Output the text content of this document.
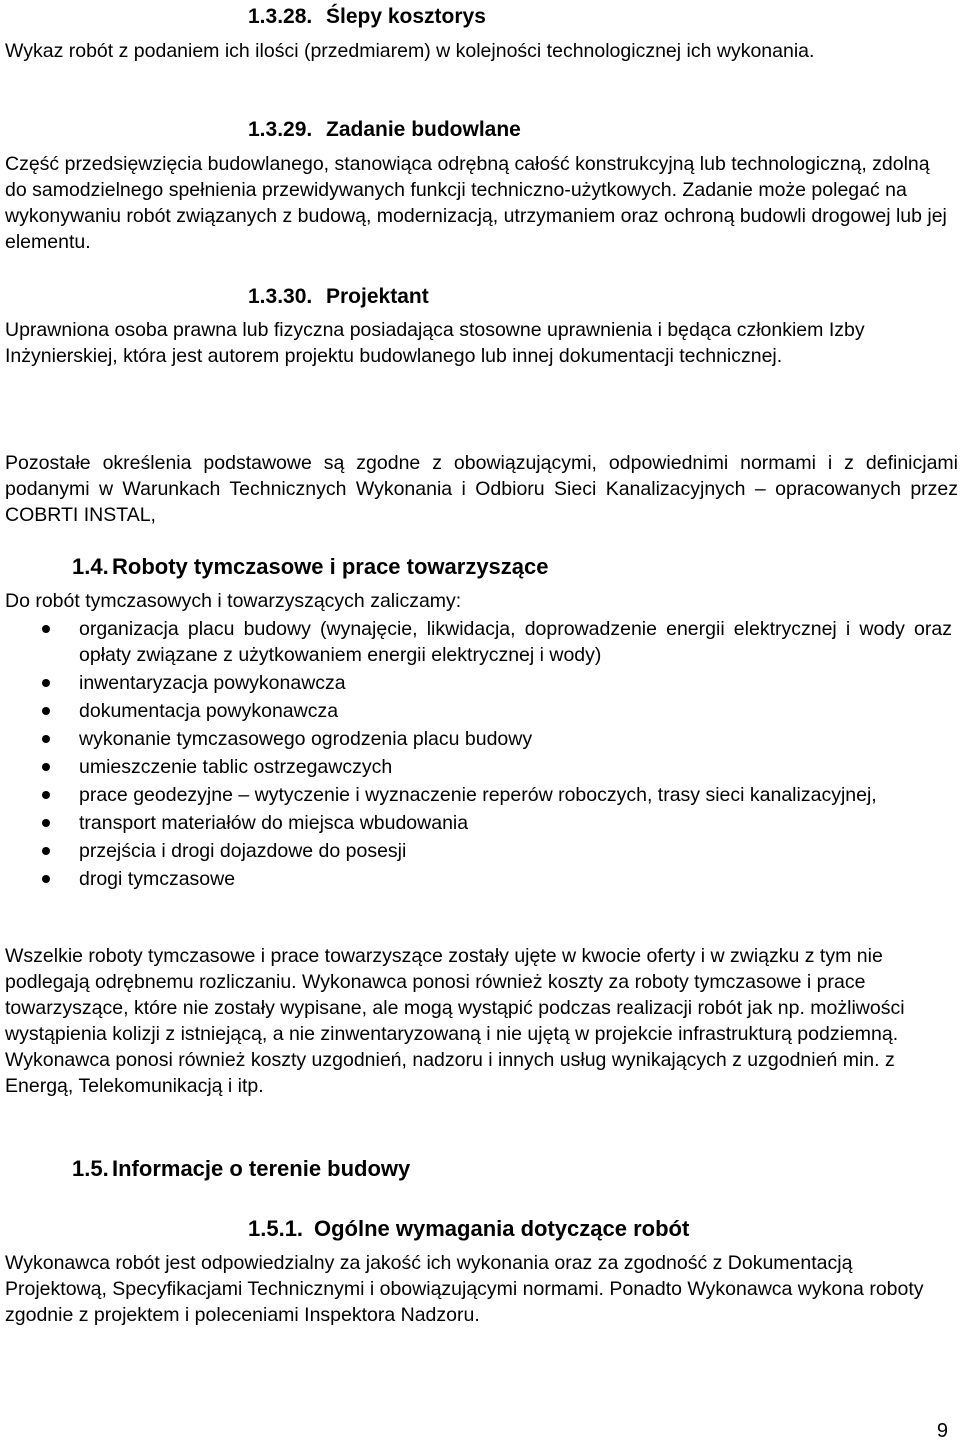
1.3.28. Ślepy kosztorys

Wykaz robót z podaniem ich ilości (przedmiarem) w kolejności technologicznej ich wykonania.

1.3.29. Zadanie budowlane

Część przedsięwzięcia budowlanego, stanowiąca odrębną całość konstrukcyjną lub technologiczną, zdolną do samodzielnego spełnienia przewidywanych funkcji techniczno-użytkowych. Zadanie może polegać na wykonywaniu robót związanych z budową, modernizacją, utrzymaniem oraz ochroną budowli drogowej lub jej elementu.

1.3.30. Projektant

Uprawniona osoba prawna lub fizyczna posiadająca stosowne uprawnienia i będąca członkiem Izby Inżynierskiej, która jest autorem projektu budowlanego lub innej dokumentacji technicznej.

Pozostałe określenia podstawowe są zgodne z obowiązującymi, odpowiednimi normami i z definicjami podanymi w Warunkach Technicznych Wykonania i Odbioru Sieci Kanalizacyjnych – opracowanych przez COBRTI INSTAL,

1.4. Roboty tymczasowe i prace towarzyszące

Do robót tymczasowych i towarzyszących zaliczamy:

organizacja placu budowy (wynajęcie, likwidacja, doprowadzenie energii elektrycznej i wody oraz opłaty związane z użytkowaniem energii elektrycznej i wody)
inwentaryzacja powykonawcza
dokumentacja powykonawcza
wykonanie tymczasowego ogrodzenia placu budowy
umieszczenie tablic ostrzegawczych
prace geodezyjne – wytyczenie i wyznaczenie reperów roboczych, trasy sieci kanalizacyjnej,
transport materiałów do miejsca wbudowania
przejścia i drogi dojazdowe do posesji
drogi tymczasowe

Wszelkie roboty tymczasowe i prace towarzyszące zostały ujęte w kwocie oferty i w związku z tym nie podlegają odrębnemu rozliczaniu. Wykonawca ponosi również koszty za roboty tymczasowe i prace towarzyszące, które nie zostały wypisane, ale mogą wystąpić podczas realizacji robót jak np. możliwości wystąpienia kolizji z istniejącą, a nie zinwentaryzowaną i nie ujętą w projekcie infrastrukturą podziemną. Wykonawca ponosi również koszty uzgodnień, nadzoru i innych usług wynikających z uzgodnień min. z Energą, Telekomunikacją i itp.

1.5. Informacje o terenie budowy
1.5.1. Ogólne wymagania dotyczące robót

Wykonawca robót jest odpowiedzialny za jakość ich wykonania oraz za zgodność z Dokumentacją Projektową, Specyfikacjami Technicznymi i obowiązującymi normami. Ponadto Wykonawca wykona roboty zgodnie z projektem i poleceniami Inspektora Nadzoru.

9
